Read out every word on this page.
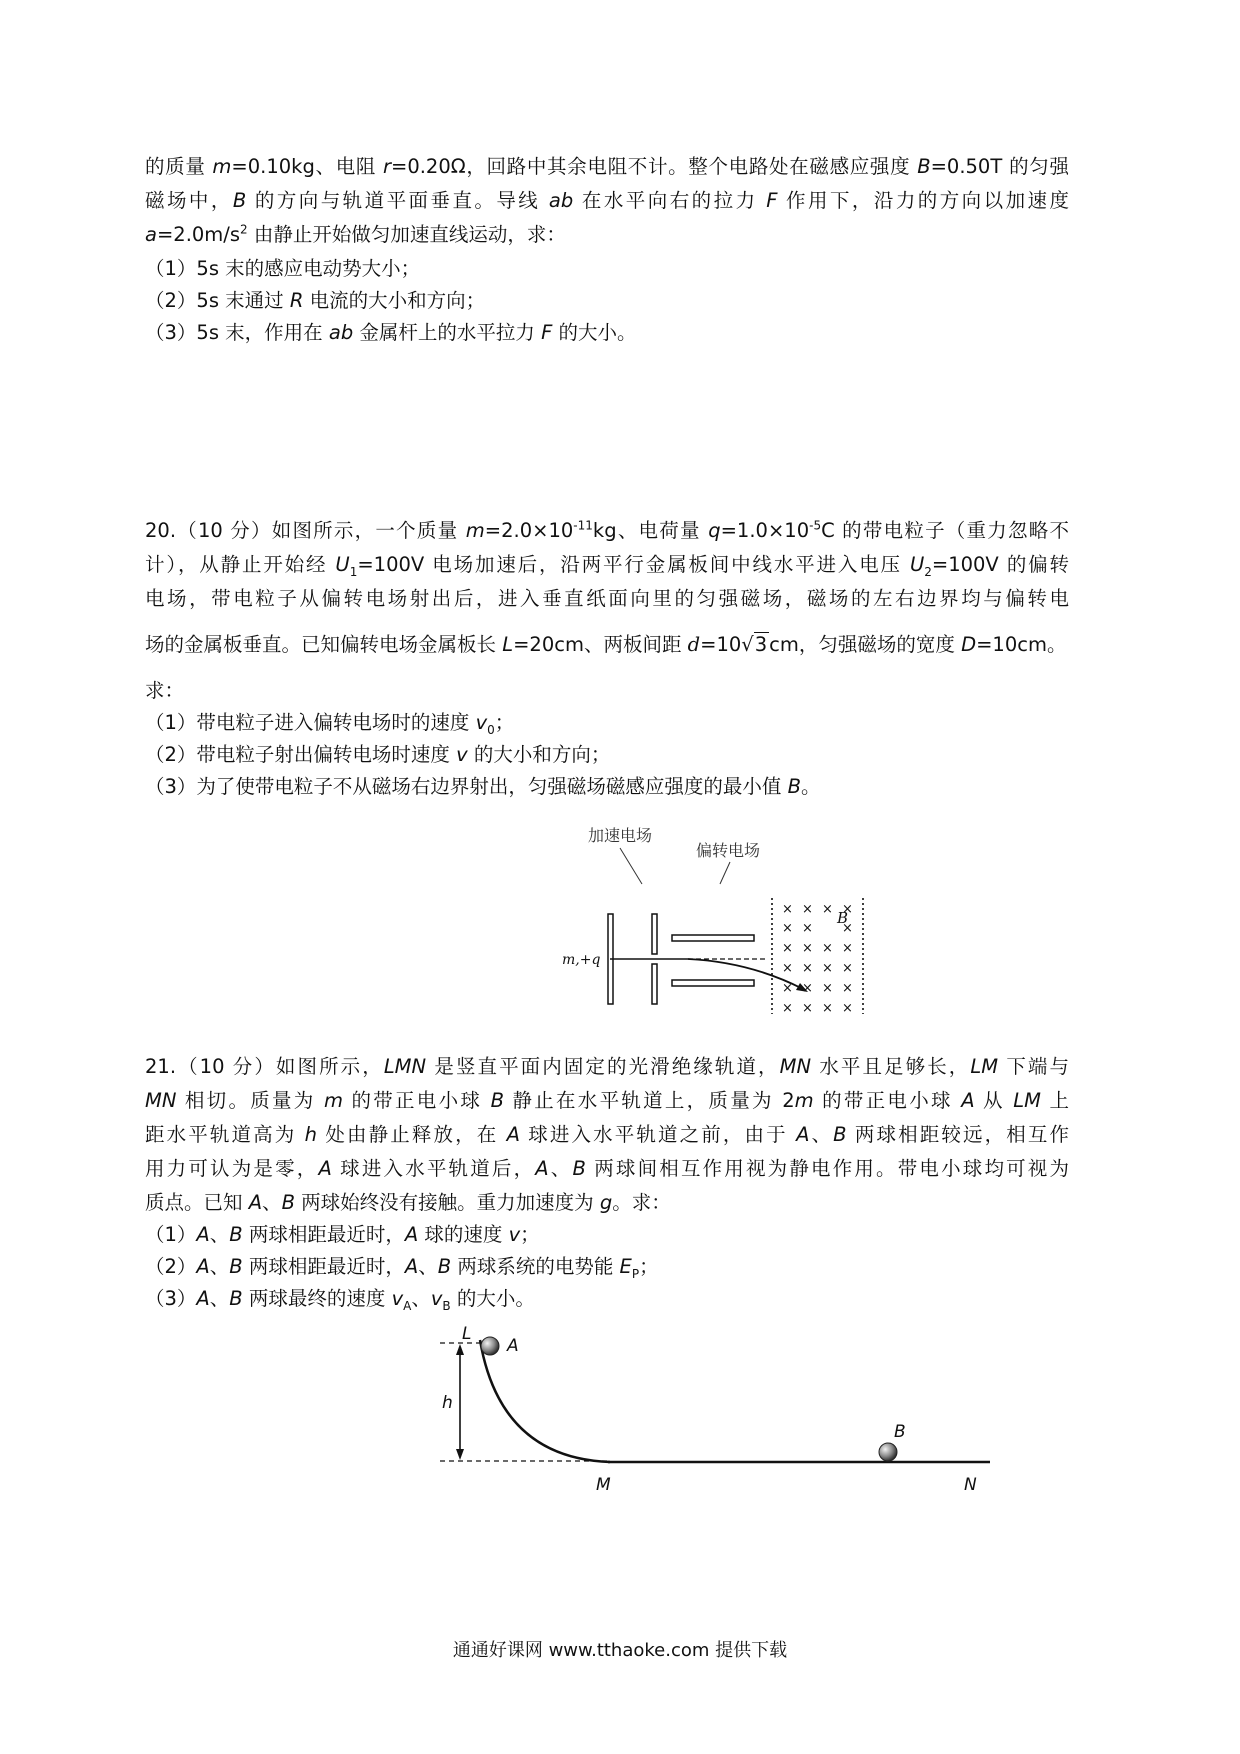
的质量 m=0.10kg、电阻 r=0.20Ω，回路中其余电阻不计。整个电路处在磁感应强度 B=0.50T 的匀强
磁场中，B 的方向与轨道平面垂直。导线 ab 在水平向右的拉力 F 作用下，沿力的方向以加速度
$a=2.0m/s^2$ 由静止开始做匀加速直线运动，求：
（1）5s 末的感应电动势大小；
（2）5s 末通过 R 电流的大小和方向；
（3）5s 末，作用在 ab 金属杆上的水平拉力 F 的大小。
20.（10 分）如图所示，一个质量 $m=2.0\times 10^{-11}kg$、电荷量 $q=1.0\times 10^{-5}C$ 的带电粒子（重力忽略不
计），从静止开始经 $U_1=100V$ 电场加速后，沿两平行金属板间中线水平进入电压 $U_2=100V$ 的偏转
电场，带电粒子从偏转电场射出后，进入垂直纸面向里的匀强磁场，磁场的左右边界均与偏转电
场的金属板垂直。已知偏转电场金属板长 L=20cm、两板间距 d=10√3 cm，匀强磁场的宽度 D=10cm。
求：
（1）带电粒子进入偏转电场时的速度 $v_0$；
（2）带电粒子射出偏转电场时速度 v 的大小和方向；
（3）为了使带电粒子不从磁场右边界射出，匀强磁场磁感应强度的最小值 B。
加速电场
偏转电场
m,+q
× × × ×
× × ×
× × × ×
× × × ×
× × × ×
× × × ×
B
21.（10 分）如图所示，LMN 是竖直平面内固定的光滑绝缘轨道，MN 水平且足够长，LM 下端与
MN 相切。质量为 m 的带正电小球 B 静止在水平轨道上，质量为 2m 的带正电小球 A 从 LM 上
距水平轨道高为 h 处由静止释放，在 A 球进入水平轨道之前，由于 A、B 两球相距较远，相互作
用力可认为是零，A 球进入水平轨道后，A、B 两球间相互作用视为静电作用。带电小球均可视为
质点。已知 A、B 两球始终没有接触。重力加速度为 g。求：
（1）A、B 两球相距最近时，A 球的速度 v；
（2）A、B 两球相距最近时，A、B 两球系统的电势能 $E_P$；
（3）A、B 两球最终的速度 $v_A$、$v_B$ 的大小。
L
A
h
B
M	N
通通好课网 www.tthaoke.com 提供下载
